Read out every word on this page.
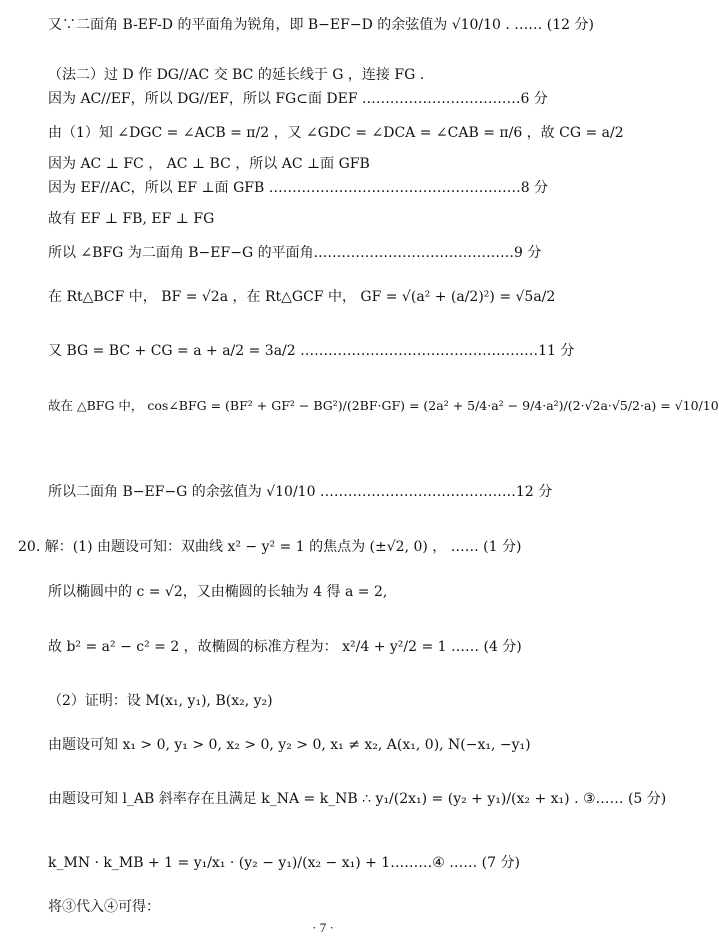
又∵二面角 B-EF-D 的平面角为锐角，即 B−EF−D 的余弦值为 √10/10 . …… (12 分)
（法二）过 D 作 DG//AC 交 BC 的延长线于 G ，连接 FG .
因为 AC//EF，所以 DG//EF，所以 FG⊂面 DEF .……………………………6 分
由（1）知 ∠DGC = ∠ACB = π/2 ，又 ∠GDC = ∠DCA = ∠CAB = π/6 ，故 CG = a/2
因为 AC ⊥ FC ， AC ⊥ BC ，所以 AC ⊥面 GFB
因为 EF//AC，所以 EF ⊥面 GFB ………………………………………………8 分
故有 EF ⊥ FB, EF ⊥ FG
所以 ∠BFG 为二面角 B−EF−G 的平面角.……………………………………9 分
在 Rt△BCF 中， BF = √2a ，在 Rt△GCF 中， GF = √(a² + (a/2)²) = √5a/2
又 BG = BC + CG = a + a/2 = 3a/2 ……………………………………………11 分
故在 △BFG 中， cos∠BFG = (BF² + GF² − BG²)/(2BF·GF) = (2a² + 5/4·a² − 9/4·a²)/(2·√2a·√5/2·a) = √10/10
所以二面角 B−EF−G 的余弦值为 √10/10 ……………………………………12 分
20. 解：(1) 由题设可知：双曲线 x² − y² = 1 的焦点为 (±√2, 0) ， …… (1 分)
所以椭圆中的 c = √2，又由椭圆的长轴为 4 得 a = 2,
故 b² = a² − c² = 2 ，故椭圆的标准方程为： x²/4 + y²/2 = 1 …… (4 分)
（2）证明：设 M(x₁, y₁), B(x₂, y₂)
由题设可知 x₁ > 0, y₁ > 0, x₂ > 0, y₂ > 0, x₁ ≠ x₂, A(x₁, 0), N(−x₁, −y₁)
由题设可知 l_AB 斜率存在且满足 k_NA = k_NB ∴ y₁/(2x₁) = (y₂ + y₁)/(x₂ + x₁) . ③…… (5 分)
k_MN · k_MB + 1 = y₁/x₁ · (y₂ − y₁)/(x₂ − x₁) + 1………④ …… (7 分)
将③代入④可得：
· 7 ·
